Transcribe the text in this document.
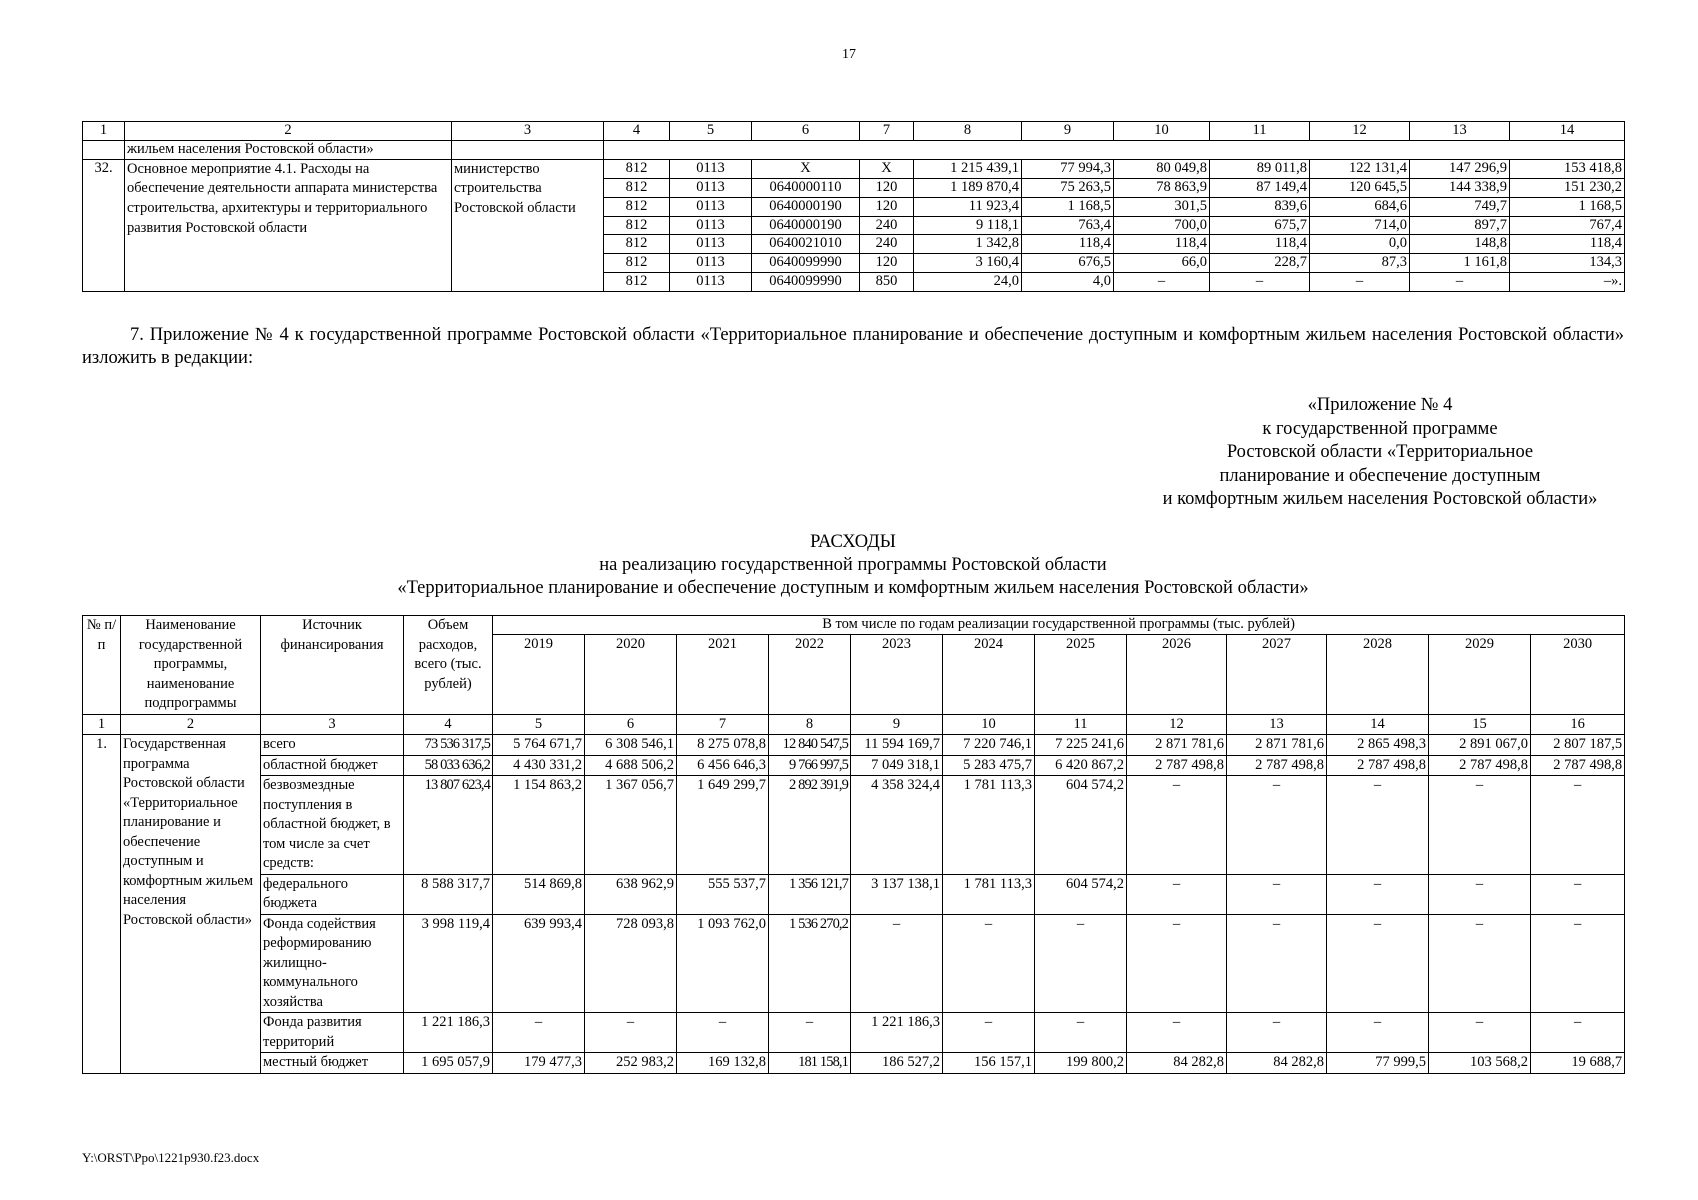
17
1	2	3	4	5	6	7	8	9	10	11	12	13	14
	жильем населения Ростовской области»												
32.	Основное мероприятие 4.1. Расходы на обеспечение деятельности аппарата министерства строительства, архитектуры и территориального развития Ростовской области	министерство строительства Ростовской области	812	0113	Х	Х	1 215 439,1	77 994,3	80 049,8	89 011,8	122 131,4	147 296,9	153 418,8
			812	0113	0640000110	120	1 189 870,4	75 263,5	78 863,9	87 149,4	120 645,5	144 338,9	151 230,2
			812	0113	0640000190	120	11 923,4	1 168,5	301,5	839,6	684,6	749,7	1 168,5
			812	0113	0640000190	240	9 118,1	763,4	700,0	675,7	714,0	897,7	767,4
			812	0113	0640021010	240	1 342,8	118,4	118,4	118,4	0,0	148,8	118,4
			812	0113	0640099990	120	3 160,4	676,5	66,0	228,7	87,3	1 161,8	134,3
			812	0113	0640099990	850	24,0	4,0	–	–	–	–	–».
7. Приложение № 4 к государственной программе Ростовской области «Территориальное планирование и обеспечение доступным и комфортным жильем населения Ростовской области» изложить в редакции:
«Приложение № 4
к государственной программе
Ростовской области «Территориальное
планирование и обеспечение доступным
и комфортным жильем населения Ростовской области»
РАСХОДЫ
на реализацию государственной программы Ростовской области
«Территориальное планирование и обеспечение доступным и комфортным жильем населения Ростовской области»
№ п/п	Наименование государственной программы, наименование подпрограммы	Источник финансирования	Объем расходов, всего (тыс. рублей)	В том числе по годам реализации государственной программы (тыс. рублей)											
				2019	2020	2021	2022	2023	2024	2025	2026	2027	2028	2029	2030
1	2	3	4	5	6	7	8	9	10	11	12	13	14	15	16
1.	Государственная программа Ростовской области «Территориальное планирование и обеспечение доступным и комфортным жильем населения Ростовской области»	всего	73 536 317,5	5 764 671,7	6 308 546,1	8 275 078,8	12 840 547,5	11 594 169,7	7 220 746,1	7 225 241,6	2 871 781,6	2 871 781,6	2 865 498,3	2 891 067,0	2 807 187,5
		областной бюджет	58 033 636,2	4 430 331,2	4 688 506,2	6 456 646,3	9 766 997,5	7 049 318,1	5 283 475,7	6 420 867,2	2 787 498,8	2 787 498,8	2 787 498,8	2 787 498,8	2 787 498,8
		безвозмездные поступления в областной бюджет, в том числе за счет средств:	13 807 623,4	1 154 863,2	1 367 056,7	1 649 299,7	2 892 391,9	4 358 324,4	1 781 113,3	604 574,2	–	–	–	–	–
		федерального бюджета	8 588 317,7	514 869,8	638 962,9	555 537,7	1 356 121,7	3 137 138,1	1 781 113,3	604 574,2	–	–	–	–	–
		Фонда содействия реформированию жилищно-коммунального хозяйства	3 998 119,4	639 993,4	728 093,8	1 093 762,0	1 536 270,2	–	–	–	–	–	–	–	–
		Фонда развития территорий	1 221 186,3	–	–	–	–	1 221 186,3	–	–	–	–	–	–	–
		местный бюджет	1 695 057,9	179 477,3	252 983,2	169 132,8	181 158,1	186 527,2	156 157,1	199 800,2	84 282,8	84 282,8	77 999,5	103 568,2	19 688,7
Y:\ORST\Ppo\1221p930.f23.docx
